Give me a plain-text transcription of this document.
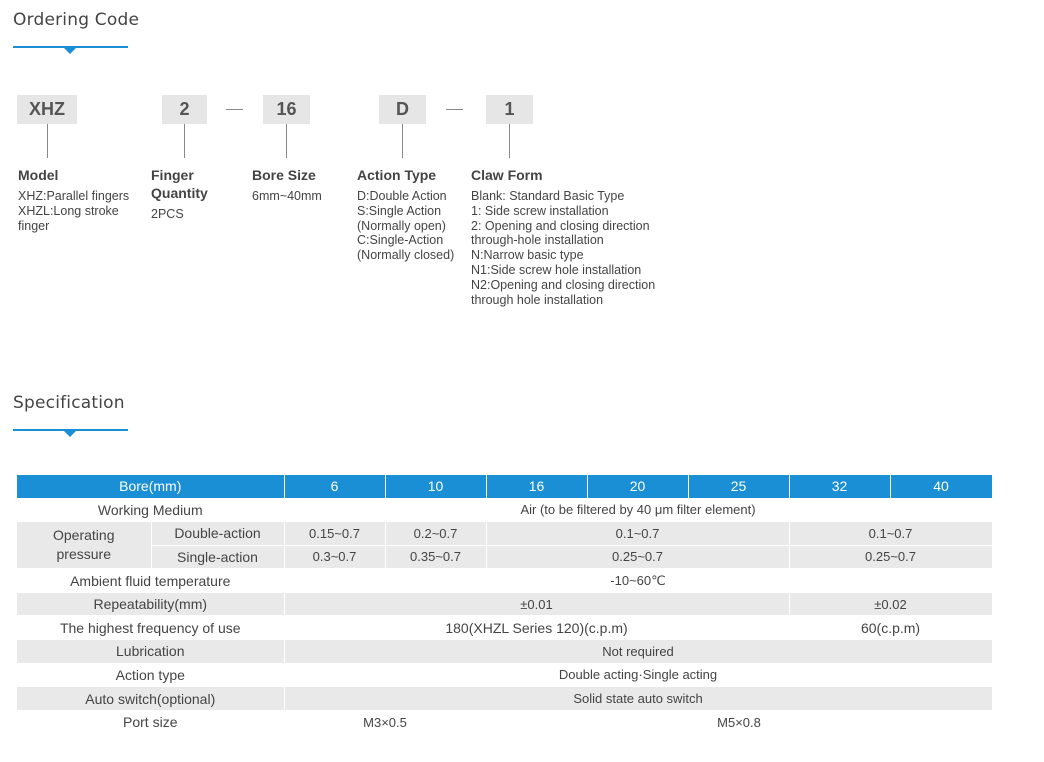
Ordering Code
XHZ	2	16	D	1
Model
XHZ:Parallel fingers
XHZL:Long stroke
finger
Finger
Quantity
2PCS
Bore Size
6mm~40mm
Action Type
D:Double Action
S:Single Action
(Normally open)
C:Single-Action
(Normally closed)
Claw Form
Blank: Standard Basic Type
1: Side screw installation
2: Opening and closing direction
through-hole installation
N:Narrow basic type
N1:Side screw hole installation
N2:Opening and closing direction
through hole installation
Specification
Bore(mm)		6	10	16	20	25	32	40
Working Medium		Air (to be filtered by 40 μm filter element)						

Operating
pressure	Double-action	0.15~0.7	0.2~0.7	0.1~0.7			0.1~0.7	
	Single-action	0.3~0.7	0.35~0.7	0.25~0.7			0.25~0.7	
Ambient fluid temperature		-10~60℃						
Repeatability(mm)		±0.01					±0.02	
The highest frequency of use		180(XHZL Series 120)(c.p.m)					60(c.p.m)	
Lubrication		Not required						
Action type		Double acting·Single acting						
Auto switch(optional)		Solid state auto switch						
Port size		M3×0.5		M5×0.8				
